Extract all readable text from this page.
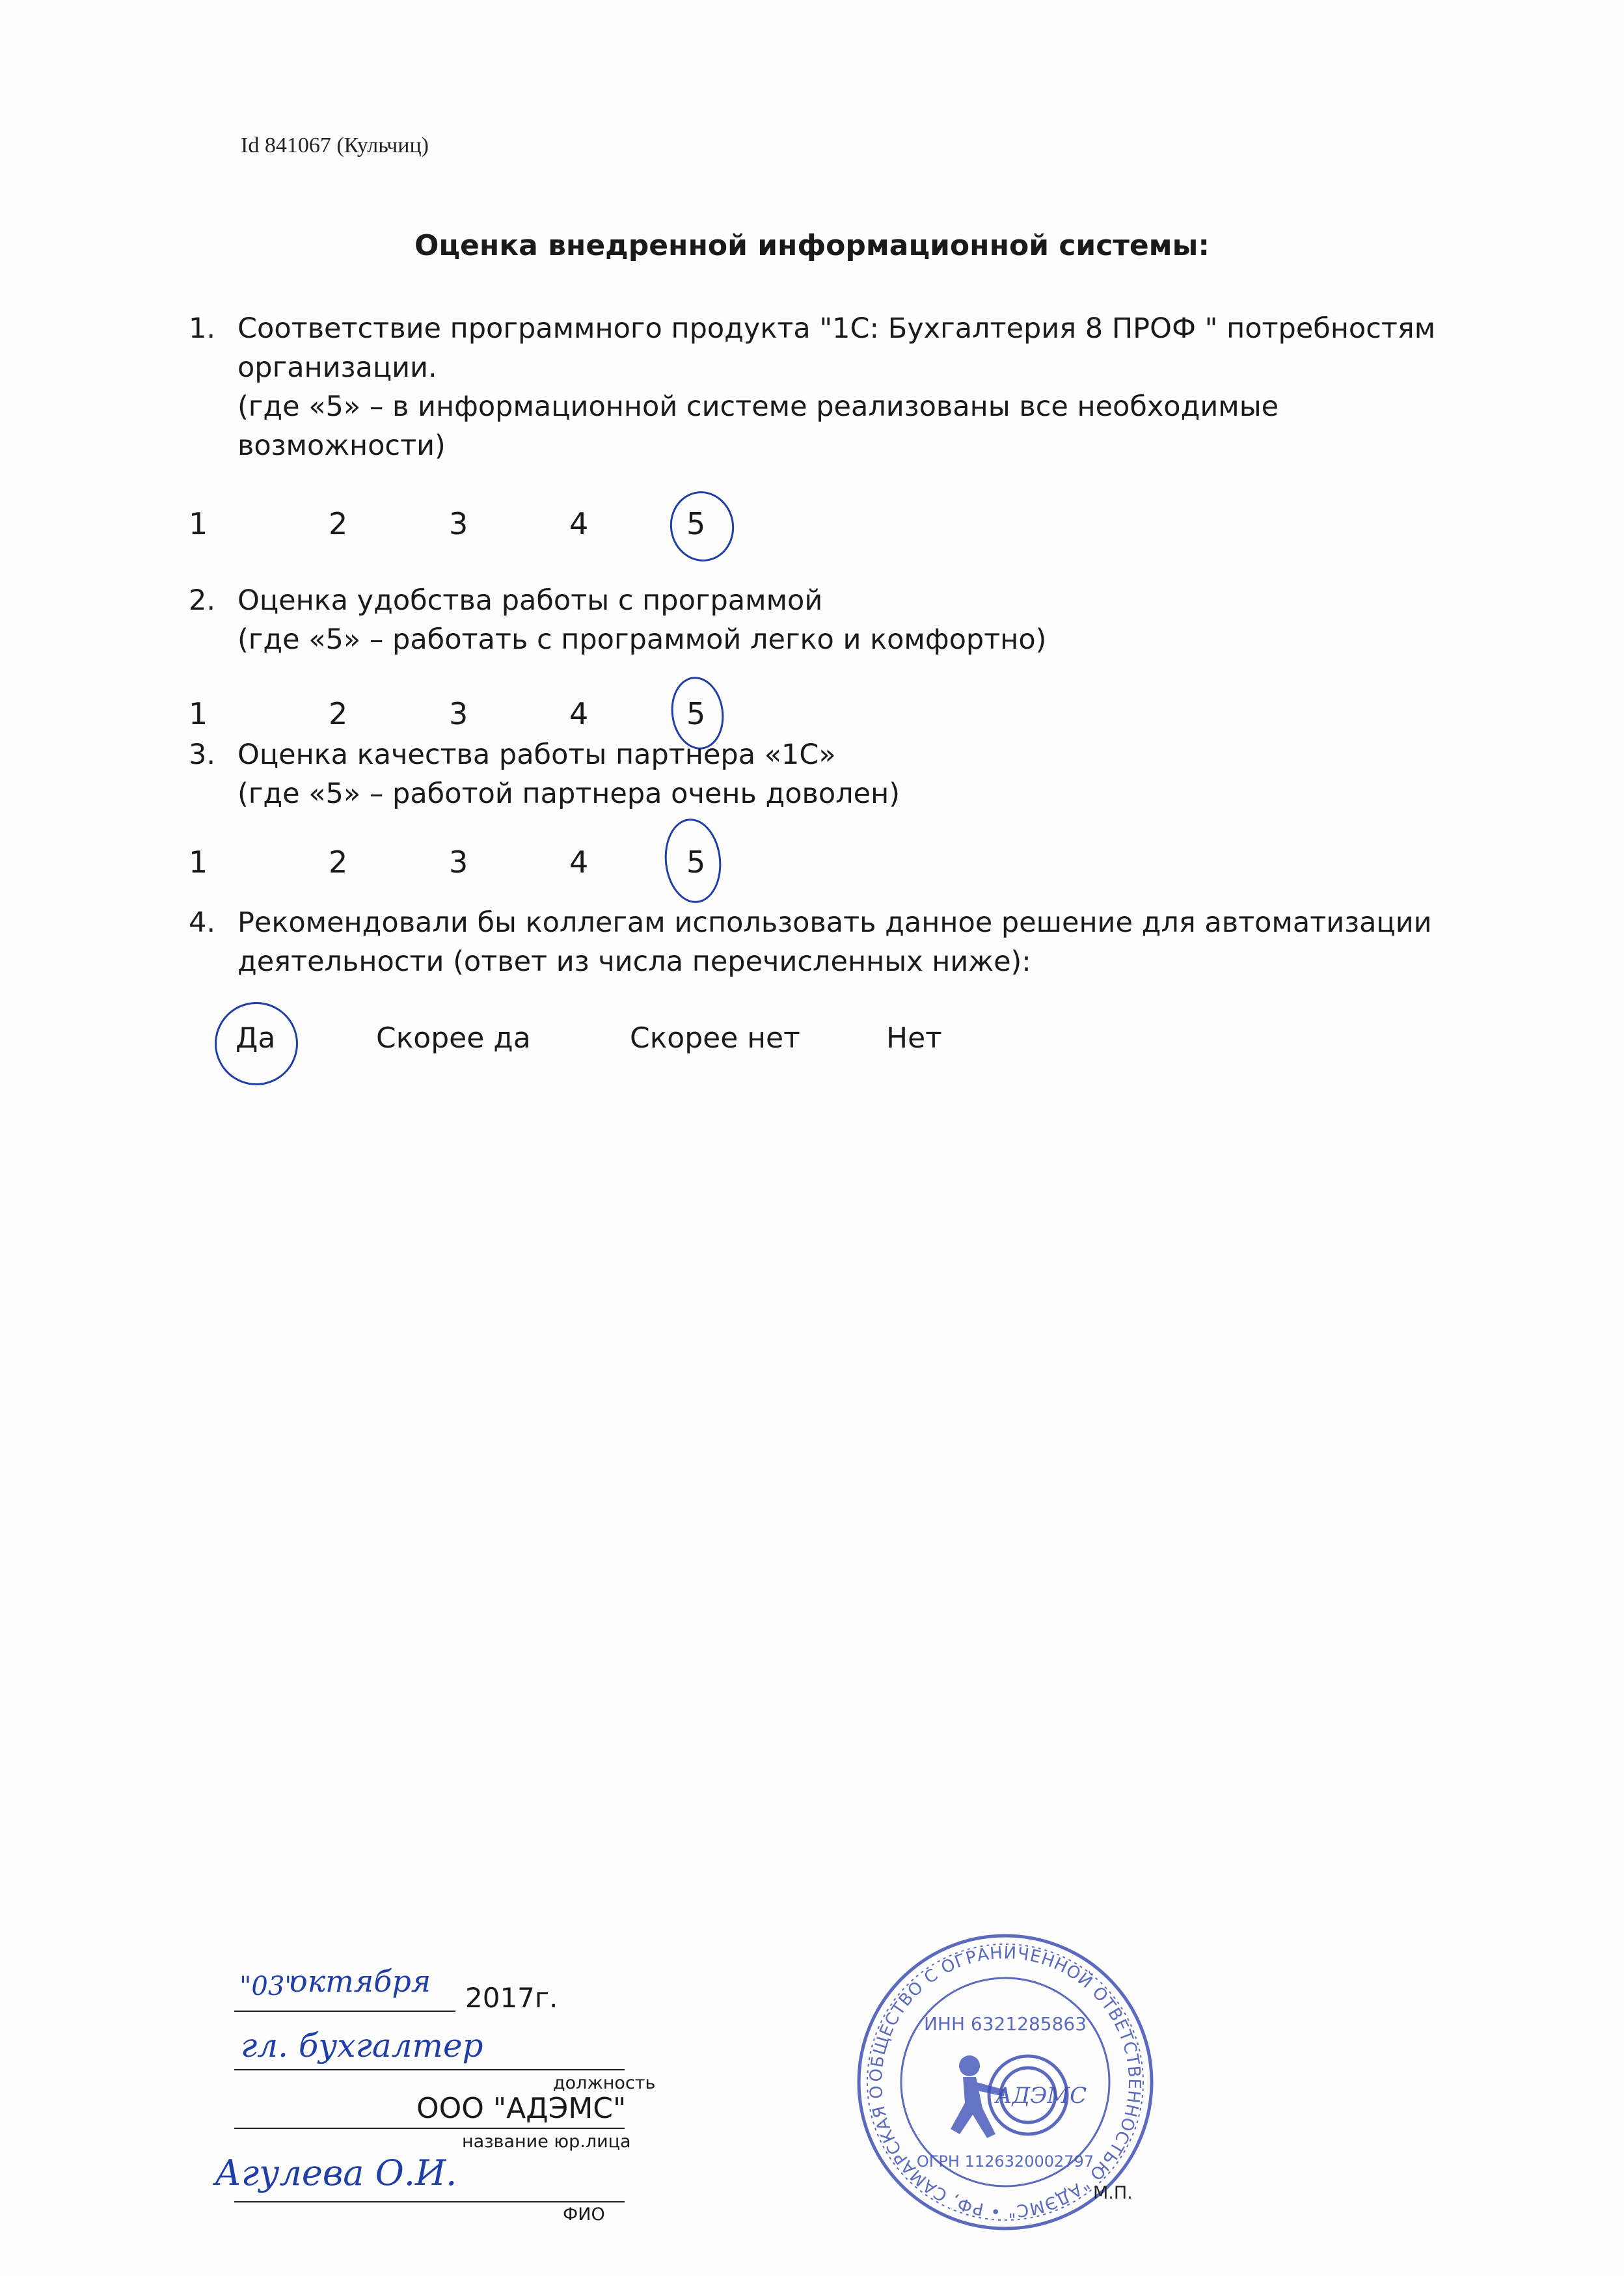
Id 841067 (Кульчиц)
Оценка внедренной информационной системы:
1. Соответствие программного продукта "1С: Бухгалтерия 8 ПРОФ " потребностям
организации.
(где «5» – в информационной системе реализованы все необходимые
возможности)
1	2	3	4	5
2. Оценка удобства работы с программой
(где «5» – работать с программой легко и комфортно)
1	2	3	4	5
3. Оценка качества работы партнера «1С»
(где «5» – работой партнера очень доволен)
1	2	3	4	5
4. Рекомендовали бы коллегам использовать данное решение для автоматизации
деятельности (ответ из числа перечисленных ниже):
Да	Скорее да	Скорее нет	Нет
"03"
октября 2017г.
гл. бухгалтер
должность
ООО "АДЭМС"
название юр.лица
Агулева О.И.
ФИО
ОБЩЕСТВО С ОГРАНИЧЕННОЙ ОТВЕТСТВЕННОСТЬЮ "АДЭМС" • РФ, САМАРСКАЯ О
ИНН 6321285863
ОГРН 1126320002797
АДЭМС
М.П.
